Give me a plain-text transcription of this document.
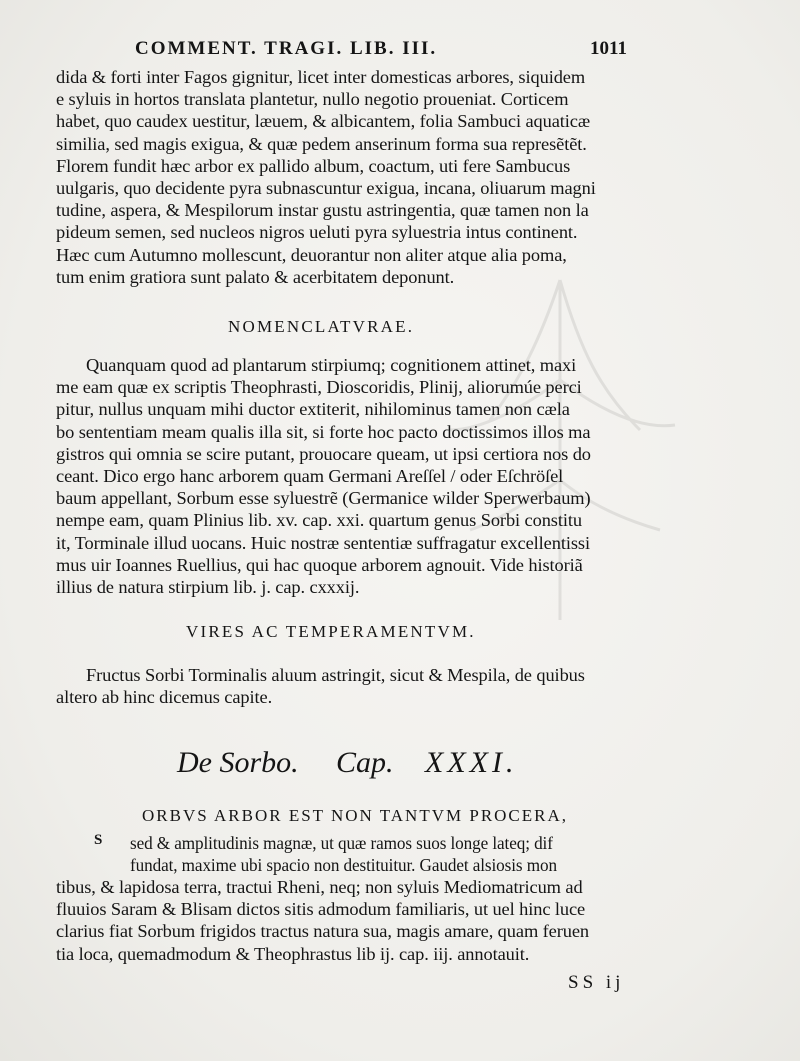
COMMENT. TRAGI. LIB. III.	1011
dida & forti inter Fagos gignitur, licet inter domesticas arbores, siquidem
e syluis in hortos translata plantetur, nullo negotio proueniat. Corticem
habet, quo caudex uestitur, læuem, & albicantem, folia Sambuci aquaticæ
similia, sed magis exigua, & quæ pedem anserinum forma sua represẽtẽt.
Florem fundit hæc arbor ex pallido album, coactum, uti fere Sambucus
uulgaris, quo decidente pyra subnascuntur exigua, incana, oliuarum magni
tudine, aspera, & Mespilorum instar gustu astringentia, quæ tamen non la
pideum semen, sed nucleos nigros ueluti pyra syluestria intus continent.
Hæc cum Autumno mollescunt, deuorantur non aliter atque alia poma,
tum enim gratiora sunt palato & acerbitatem deponunt.
NOMENCLATVRAE.
Quanquam quod ad plantarum stirpiumq; cognitionem attinet, maxi
me eam quæ ex scriptis Theophrasti, Dioscoridis, Plinij, aliorumúe perci
pitur, nullus unquam mihi ductor extiterit, nihilominus tamen non cæla
bo sententiam meam qualis illa sit, si forte hoc pacto doctissimos illos ma
gistros qui omnia se scire putant, prouocare queam, ut ipsi certiora nos do
ceant. Dico ergo hanc arborem quam Germani Areſſel / oder Eſchröſel
baum appellant, Sorbum esse syluestrẽ (Germanice wilder Sperwerbaum)
nempe eam, quam Plinius lib. xv. cap. xxi. quartum genus Sorbi constitu
it, Torminale illud uocans. Huic nostræ sententiæ suffragatur excellentissi
mus uir Ioannes Ruellius, qui hac quoque arborem agnouit. Vide historiã
illius de natura stirpium lib. j. cap. cxxxij.
VIRES AC TEMPERAMENTVM.
Fructus Sorbi Torminalis aluum astringit, sicut & Mespila, de quibus
altero ab hinc dicemus capite.
De Sorbo. Cap. XXXI.
ORBVS ARBOR EST NON TANTVM PROCERA,
S sed & amplitudinis magnæ, ut quæ ramos suos longe lateq; dif
fundat, maxime ubi spacio non destituitur. Gaudet alsiosis mon
tibus, & lapidosa terra, tractui Rheni, neq; non syluis Mediomatricum ad
fluuios Saram & Blisam dictos sitis admodum familiaris, ut uel hinc luce
clarius fiat Sorbum frigidos tractus natura sua, magis amare, quam feruen
tia loca, quemadmodum & Theophrastus lib ij. cap. iij. annotauit.
SS ij
